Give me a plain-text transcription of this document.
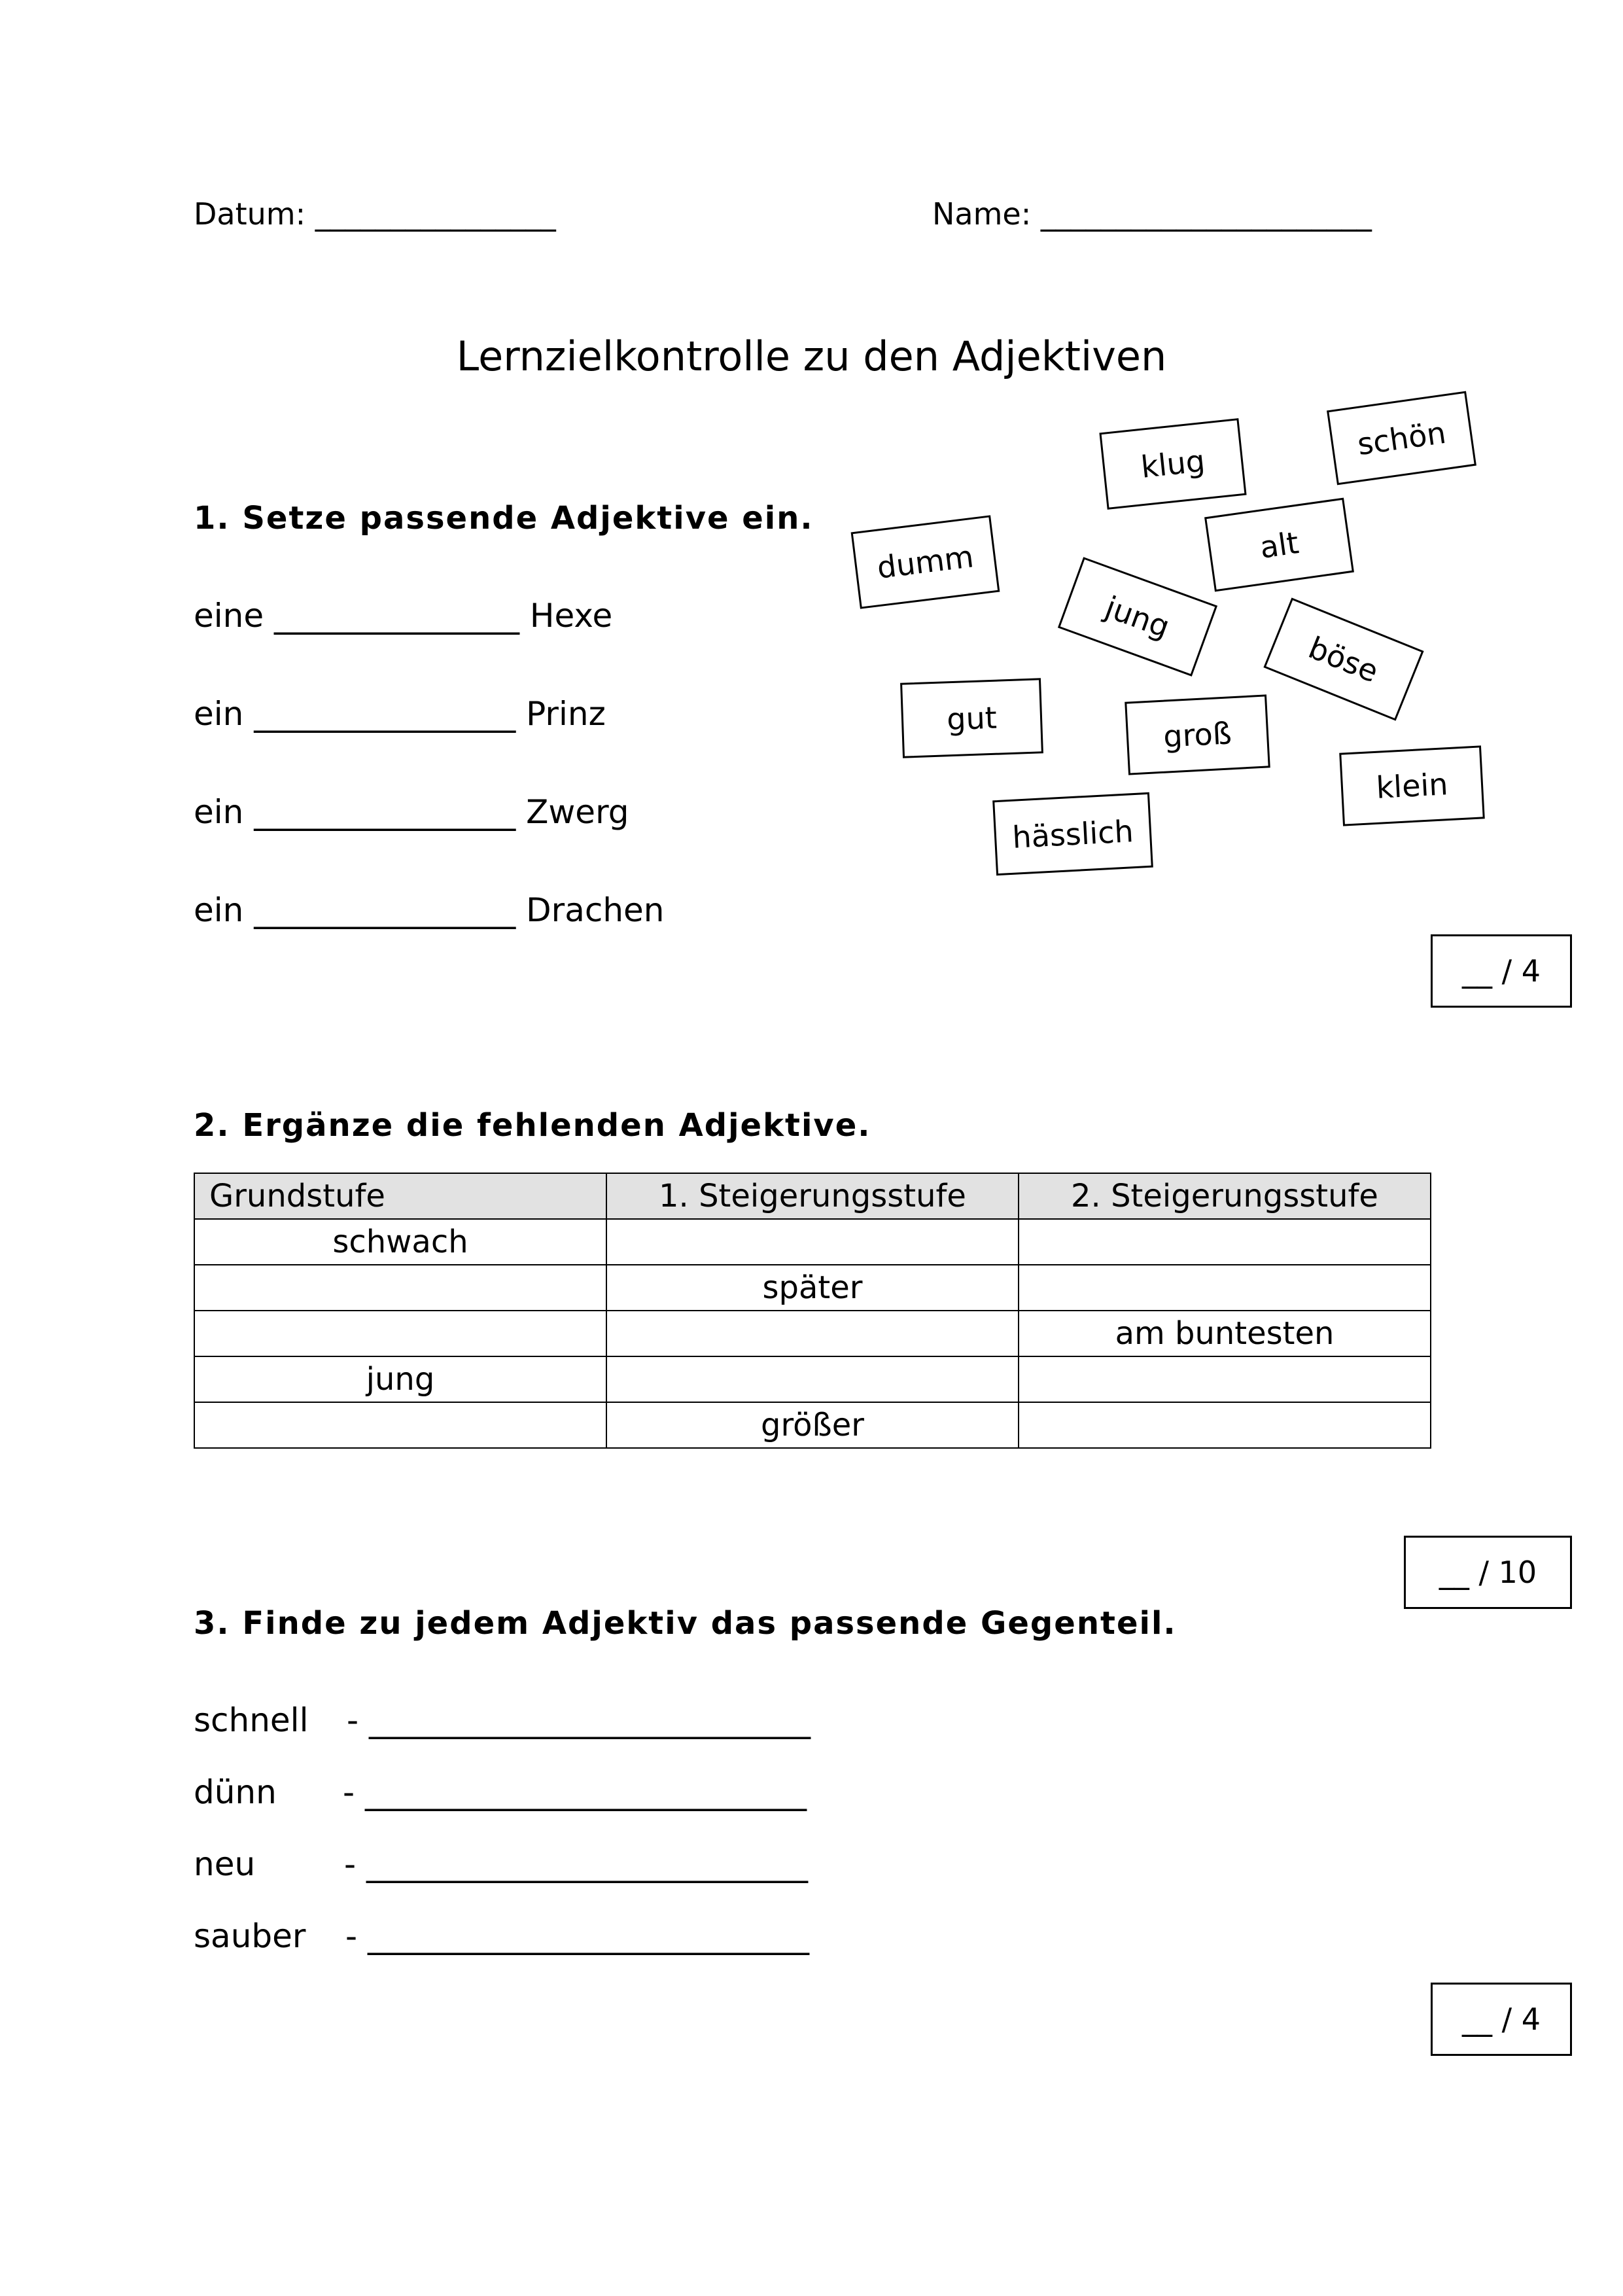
Datum: ________________	Name: ______________________
Lernzielkontrolle zu den Adjektiven
1. Setze passende Adjektive ein.
eine _______________ Hexe
ein ________________ Prinz
ein ________________ Zwerg
ein ________________ Drachen
klug
schön
dumm	alt
jung
böse
gut	groß
klein
hässlich
__ / 4
2. Ergänze die fehlenden Adjektive.
Grundstufe	1. Steigerungsstufe	2. Steigerungsstufe
schwach		
	später	
		am buntesten
jung		
	größer	
__ / 10
3. Finde zu jedem Adjektiv das passende Gegenteil.
schnell - ___________________________
dünn - ___________________________
neu	- ___________________________
sauber - ___________________________
__ / 4
